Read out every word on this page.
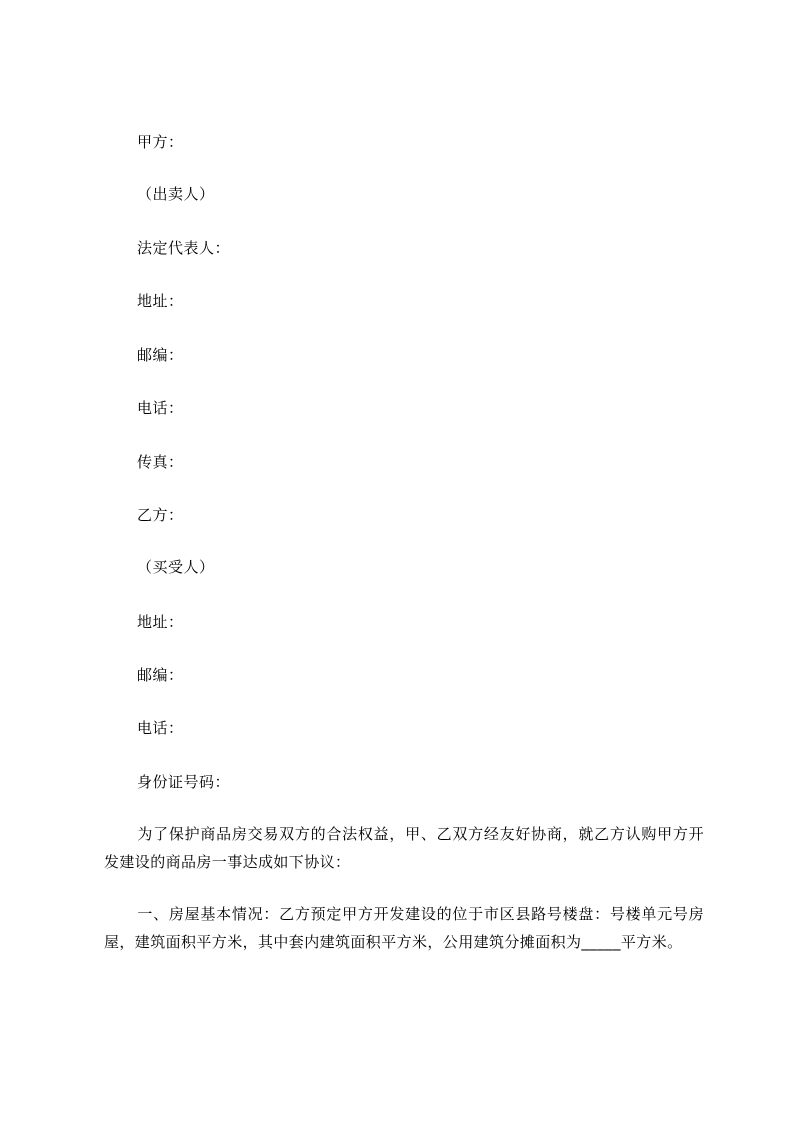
甲方：
（出卖人）
法定代表人：
地址：
邮编：
电话：
传真：
乙方：
（买受人）
地址：
邮编：
电话：
身份证号码：
为了保护商品房交易双方的合法权益，甲、乙双方经友好协商，就乙方认购甲方开发建设的商品房一事达成如下协议：
一、房屋基本情况：乙方预定甲方开发建设的位于市区县路号楼盘：号楼单元号房屋，建筑面积平方米，其中套内建筑面积平方米，公用建筑分摊面积为_____平方米。
